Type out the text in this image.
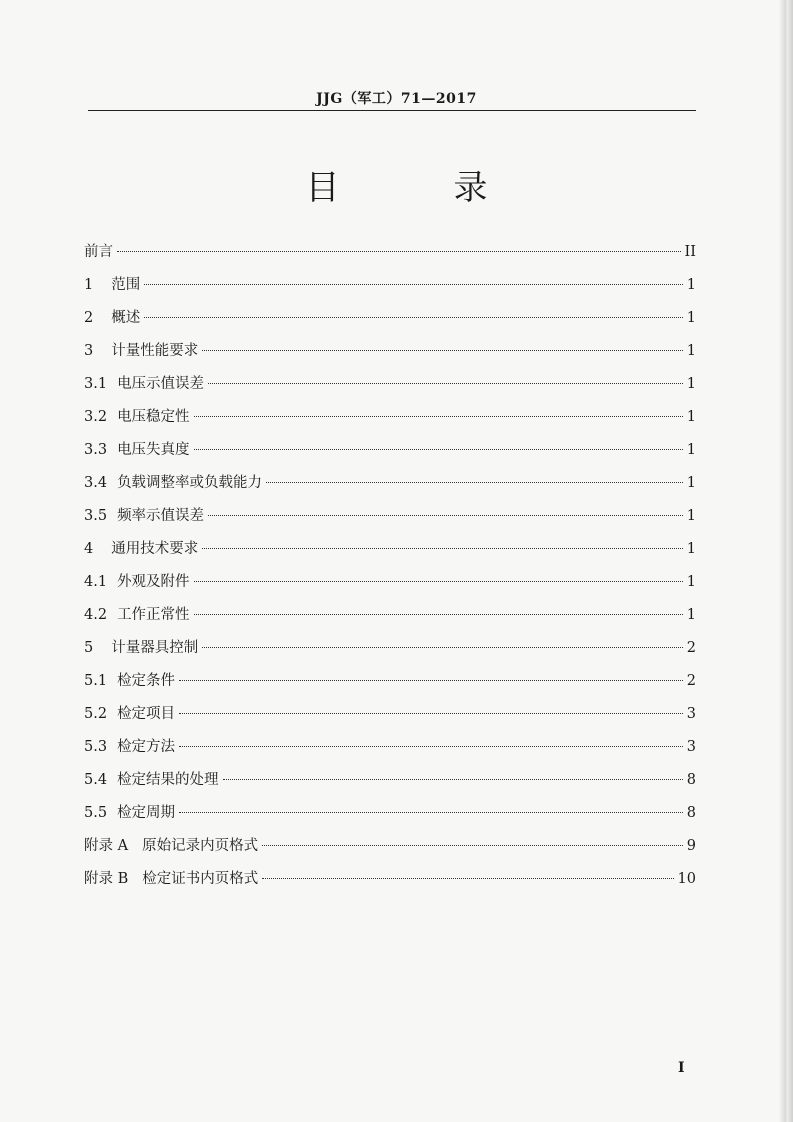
JJG（军工）71—2017
目　录
前言	II
1 范围	1
2 概述	1
3 计量性能要求	1
3.1 电压示值误差	1
3.2 电压稳定性	1
3.3 电压失真度	1
3.4 负载调整率或负载能力	1
3.5 频率示值误差	1
4 通用技术要求	1
4.1 外观及附件	1
4.2 工作正常性	1
5 计量器具控制	2
5.1 检定条件	2
5.2 检定项目	3
5.3 检定方法	3
5.4 检定结果的处理	8
5.5 检定周期	8
附录 A 原始记录内页格式	9
附录 B 检定证书内页格式	10
I
